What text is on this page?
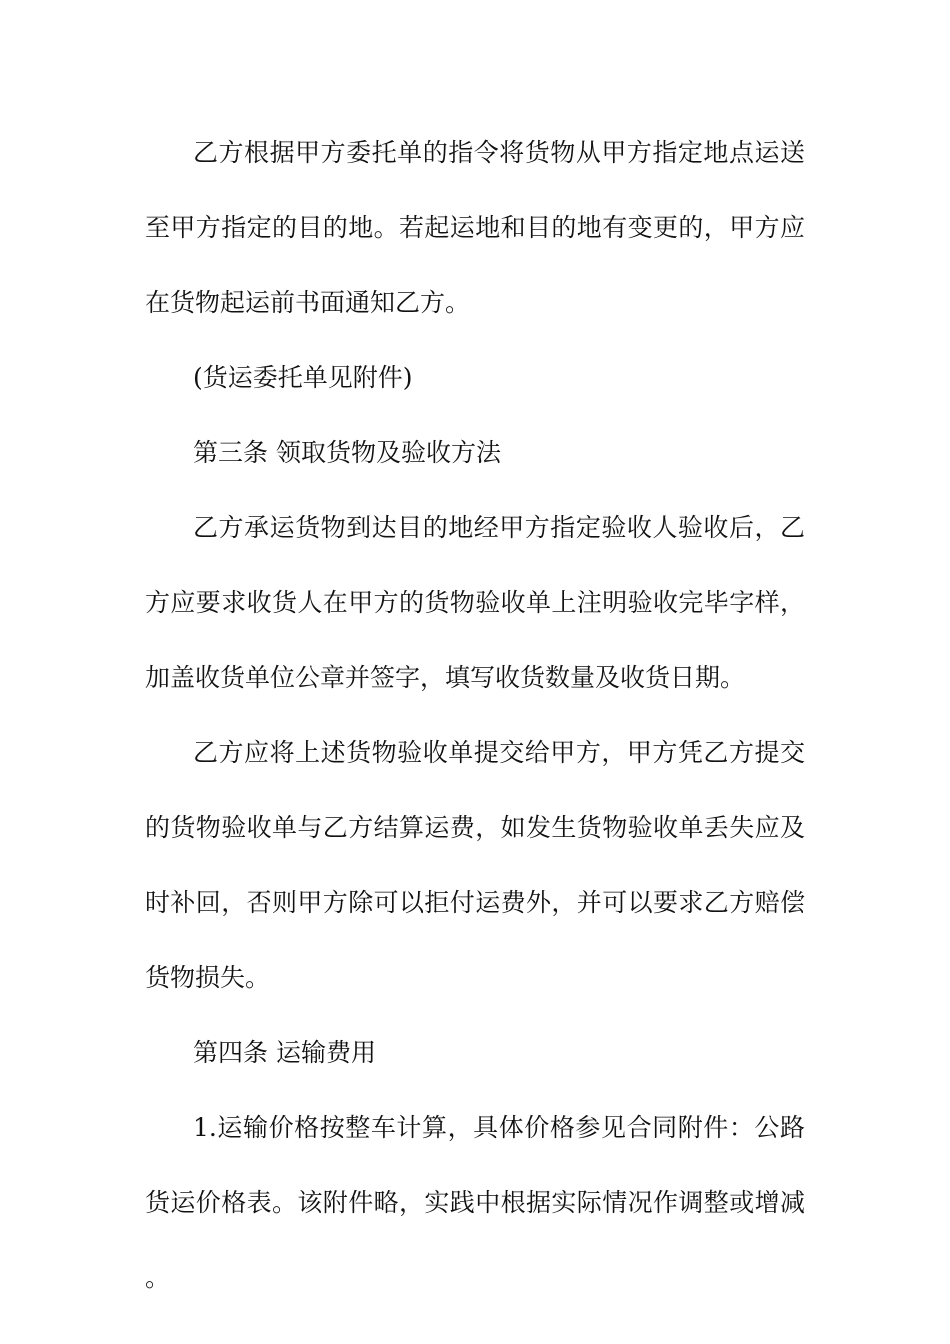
乙方根据甲方委托单的指令将货物从甲方指定地点运送至甲方指定的目的地。若起运地和目的地有变更的，甲方应在货物起运前书面通知乙方。

(货运委托单见附件)

第三条 领取货物及验收方法

乙方承运货物到达目的地经甲方指定验收人验收后，乙方应要求收货人在甲方的货物验收单上注明验收完毕字样，加盖收货单位公章并签字，填写收货数量及收货日期。

乙方应将上述货物验收单提交给甲方，甲方凭乙方提交的货物验收单与乙方结算运费，如发生货物验收单丢失应及时补回，否则甲方除可以拒付运费外，并可以要求乙方赔偿货物损失。

第四条 运输费用

1.运输价格按整车计算，具体价格参见合同附件：公路货运价格表。该附件略，实践中根据实际情况作调整或增减。
